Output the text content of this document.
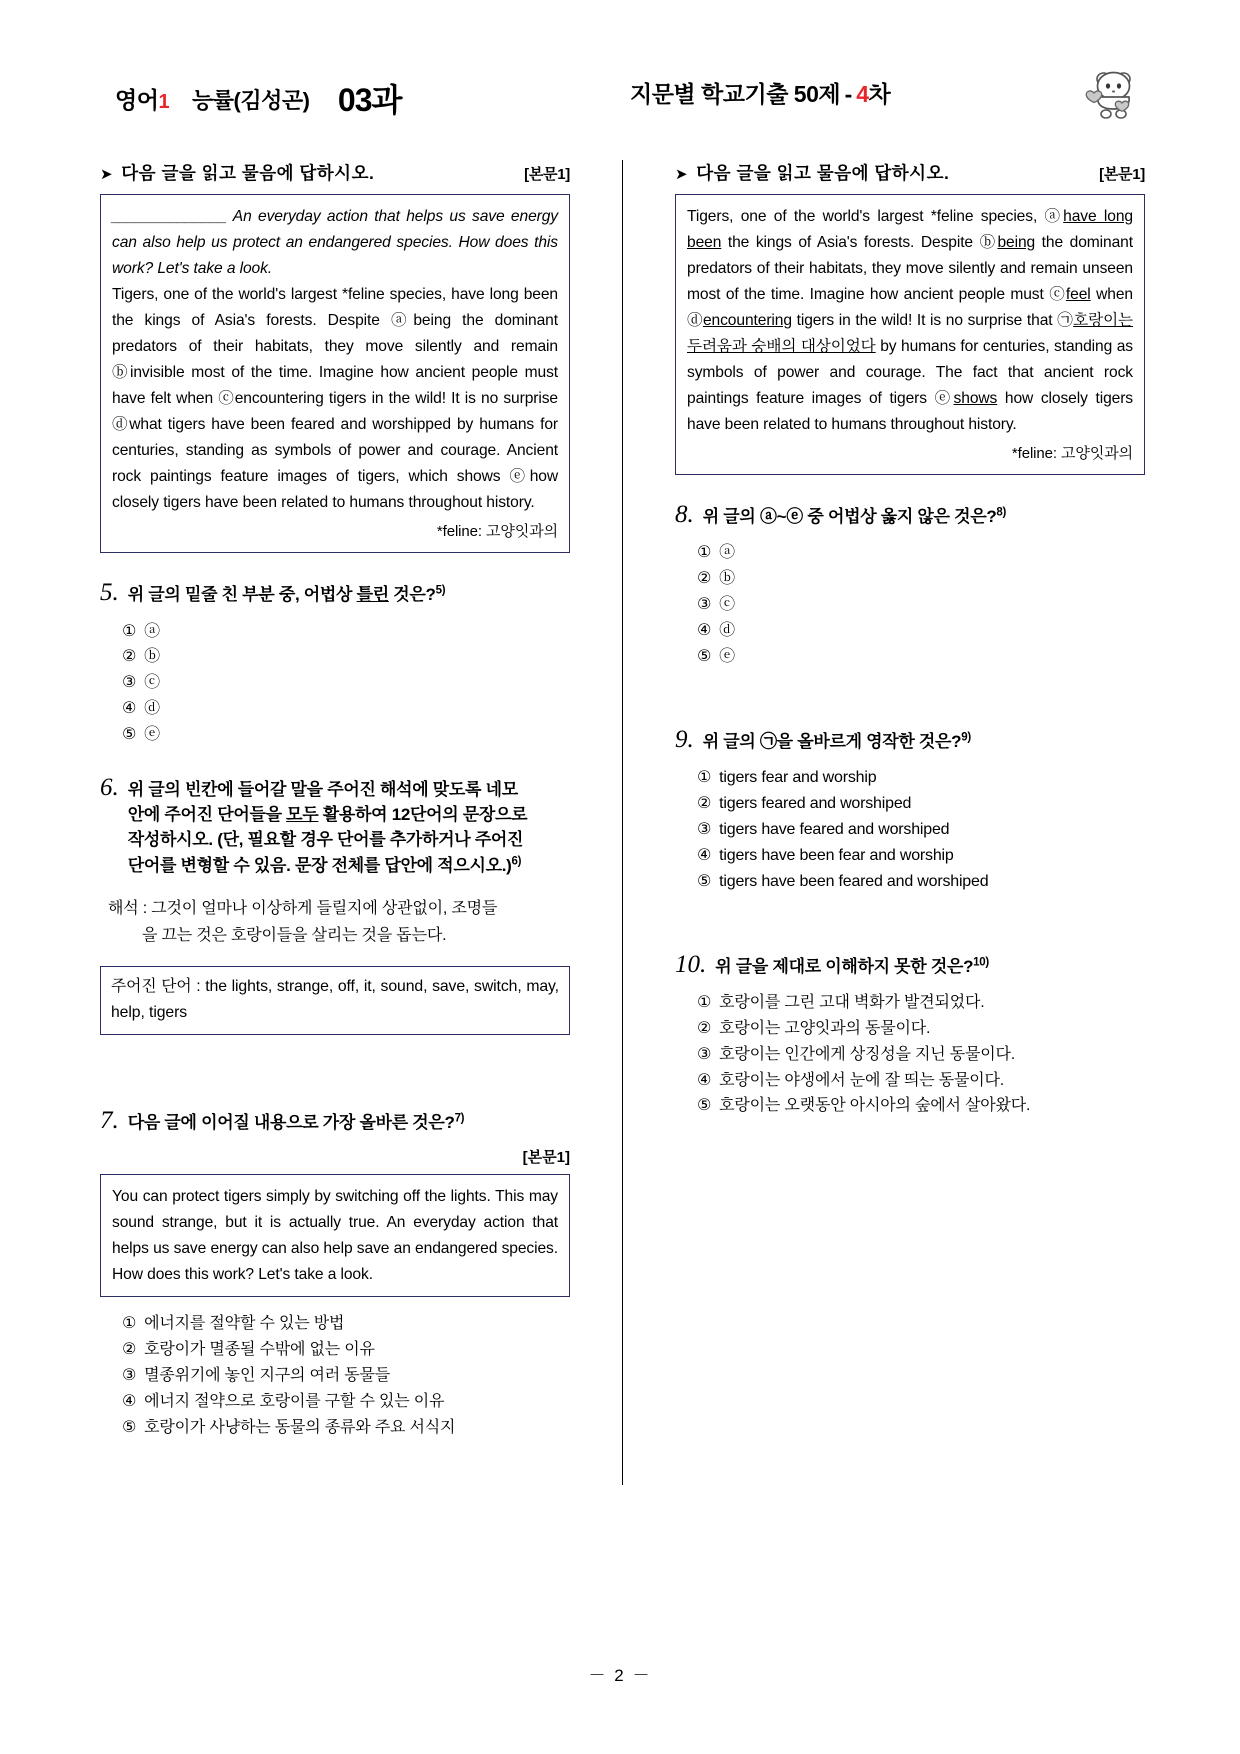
영어1 능률(김성곤) 03과	지문별 학교기출 50제 - 4차
➤ 다음 글을 읽고 물음에 답하시오.	[본문1]
______________ An everyday action that helps us save energy can also help us protect an endangered species. How does this work? Let's take a look.
Tigers, one of the world's largest *feline species, have long been the kings of Asia's forests. Despite ⓐbeing the dominant predators of their habitats, they move silently and remain ⓑinvisible most of the time. Imagine how ancient people must have felt when ⓒencountering tigers in the wild! It is no surprise ⓓwhat tigers have been feared and worshipped by humans for centuries, standing as symbols of power and courage. Ancient rock paintings feature images of tigers, which shows ⓔhow closely tigers have been related to humans throughout history.
*feline: 고양잇과의
5. 위 글의 밑줄 친 부분 중, 어법상 틀린 것은?$^{5)}$
① ⓐ
② ⓑ
③ ⓒ
④ ⓓ
⑤ ⓔ
6. 위 글의 빈칸에 들어갈 말을 주어진 해석에 맞도록 네모
안에 주어진 단어들을 모두 활용하여 12단어의 문장으로
작성하시오. (단, 필요할 경우 단어를 추가하거나 주어진
단어를 변형할 수 있음. 문장 전체를 답안에 적으시오.)$^{6)}$
해석 : 그것이 얼마나 이상하게 들릴지에 상관없이, 조명들
을 끄는 것은 호랑이들을 살리는 것을 돕는다.
주어진 단어 : the lights, strange, off, it, sound, save, switch, may, help, tigers
7. 다음 글에 이어질 내용으로 가장 올바른 것은?$^{7)}$
[본문1]
You can protect tigers simply by switching off the lights. This may sound strange, but it is actually true. An everyday action that helps us save energy can also help save an endangered species. How does this work? Let's take a look.
① 에너지를 절약할 수 있는 방법
② 호랑이가 멸종될 수밖에 없는 이유
③ 멸종위기에 놓인 지구의 여러 동물들
④ 에너지 절약으로 호랑이를 구할 수 있는 이유
⑤ 호랑이가 사냥하는 동물의 종류와 주요 서식지
➤ 다음 글을 읽고 물음에 답하시오.	[본문1]
Tigers, one of the world's largest *feline species, ⓐhave long been the kings of Asia's forests. Despite ⓑbeing the dominant predators of their habitats, they move silently and remain unseen most of the time. Imagine how ancient people must ⓒfeel when ⓓencountering tigers in the wild! It is no surprise that ㉠호랑이는 두려움과 숭배의 대상이었다 by humans for centuries, standing as symbols of power and courage. The fact that ancient rock paintings feature images of tigers ⓔshows how closely tigers have been related to humans throughout history.
*feline: 고양잇과의
8. 위 글의 ⓐ~ⓔ 중 어법상 옳지 않은 것은?$^{8)}$
① ⓐ
② ⓑ
③ ⓒ
④ ⓓ
⑤ ⓔ
9. 위 글의 ㉠을 올바르게 영작한 것은?$^{9)}$
① tigers fear and worship
② tigers feared and worshiped
③ tigers have feared and worshiped
④ tigers have been fear and worship
⑤ tigers have been feared and worshiped
10. 위 글을 제대로 이해하지 못한 것은?$^{10)}$
① 호랑이를 그린 고대 벽화가 발견되었다.
② 호랑이는 고양잇과의 동물이다.
③ 호랑이는 인간에게 상징성을 지닌 동물이다.
④ 호랑이는 야생에서 눈에 잘 띄는 동물이다.
⑤ 호랑이는 오랫동안 아시아의 숲에서 살아왔다.
－ 2 －
